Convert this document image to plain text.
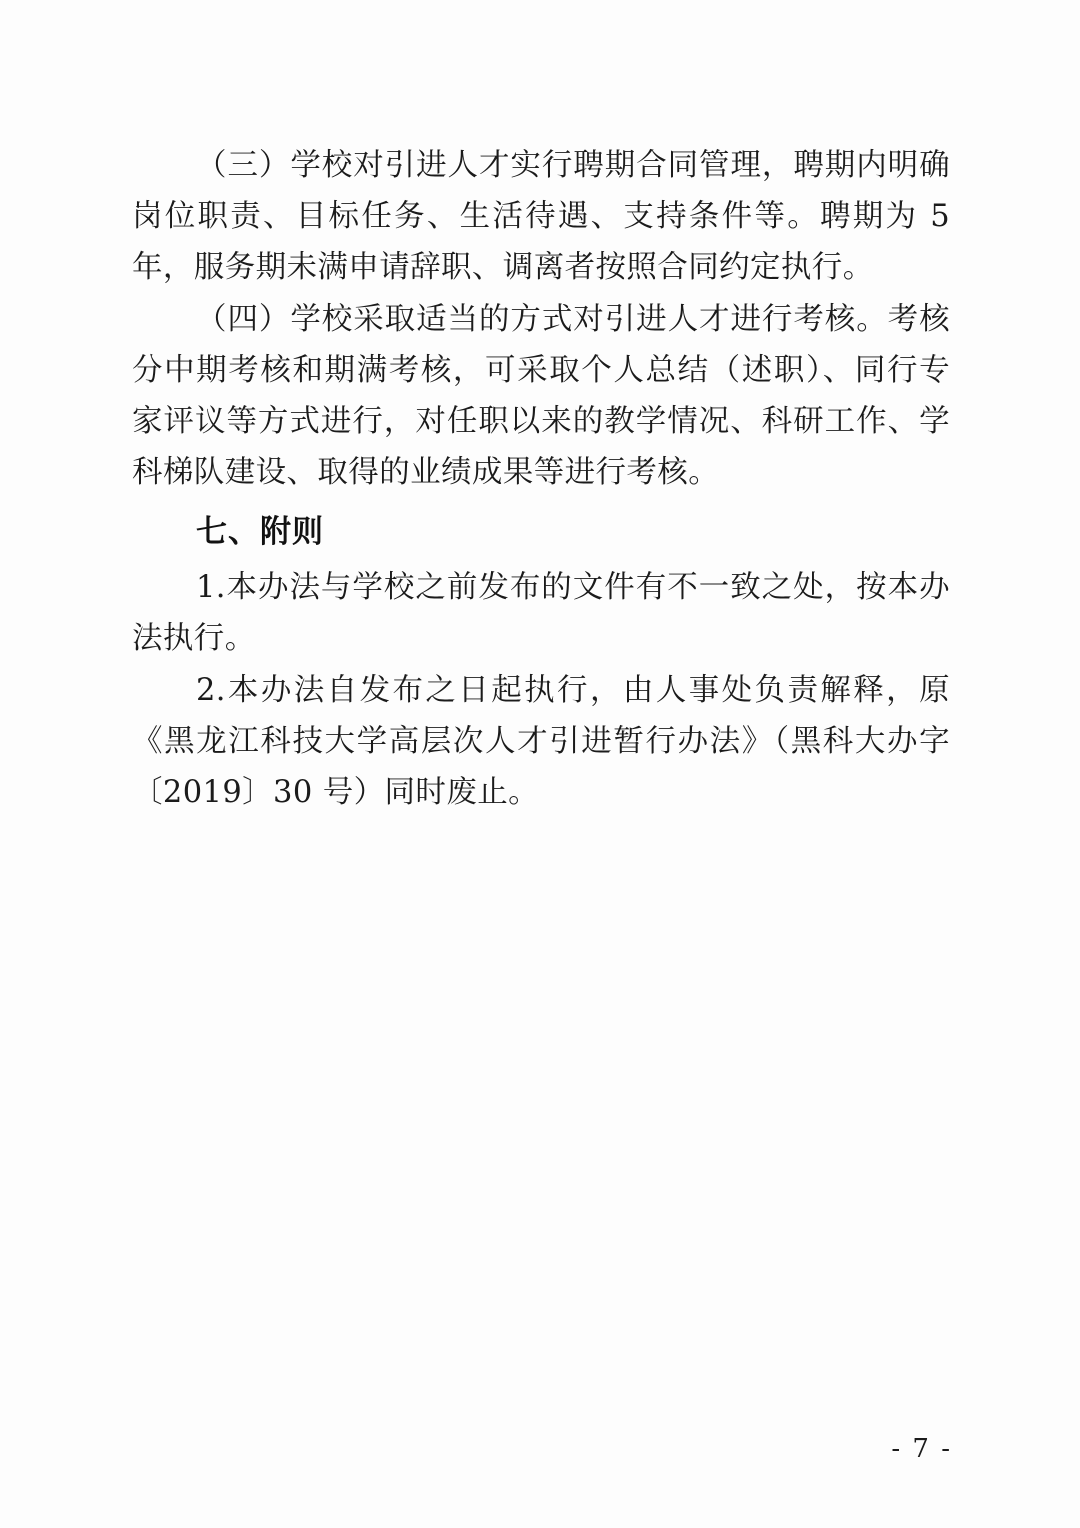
（三）学校对引进人才实行聘期合同管理，聘期内明确岗位职责、目标任务、生活待遇、支持条件等。聘期为 5 年，服务期未满申请辞职、调离者按照合同约定执行。

（四）学校采取适当的方式对引进人才进行考核。考核分中期考核和期满考核，可采取个人总结（述职）、同行专家评议等方式进行，对任职以来的教学情况、科研工作、学科梯队建设、取得的业绩成果等进行考核。

七、附则

1.本办法与学校之前发布的文件有不一致之处，按本办法执行。

2.本办法自发布之日起执行，由人事处负责解释，原《黑龙江科技大学高层次人才引进暂行办法》（黑科大办字〔2019〕30 号）同时废止。

- 7 -
